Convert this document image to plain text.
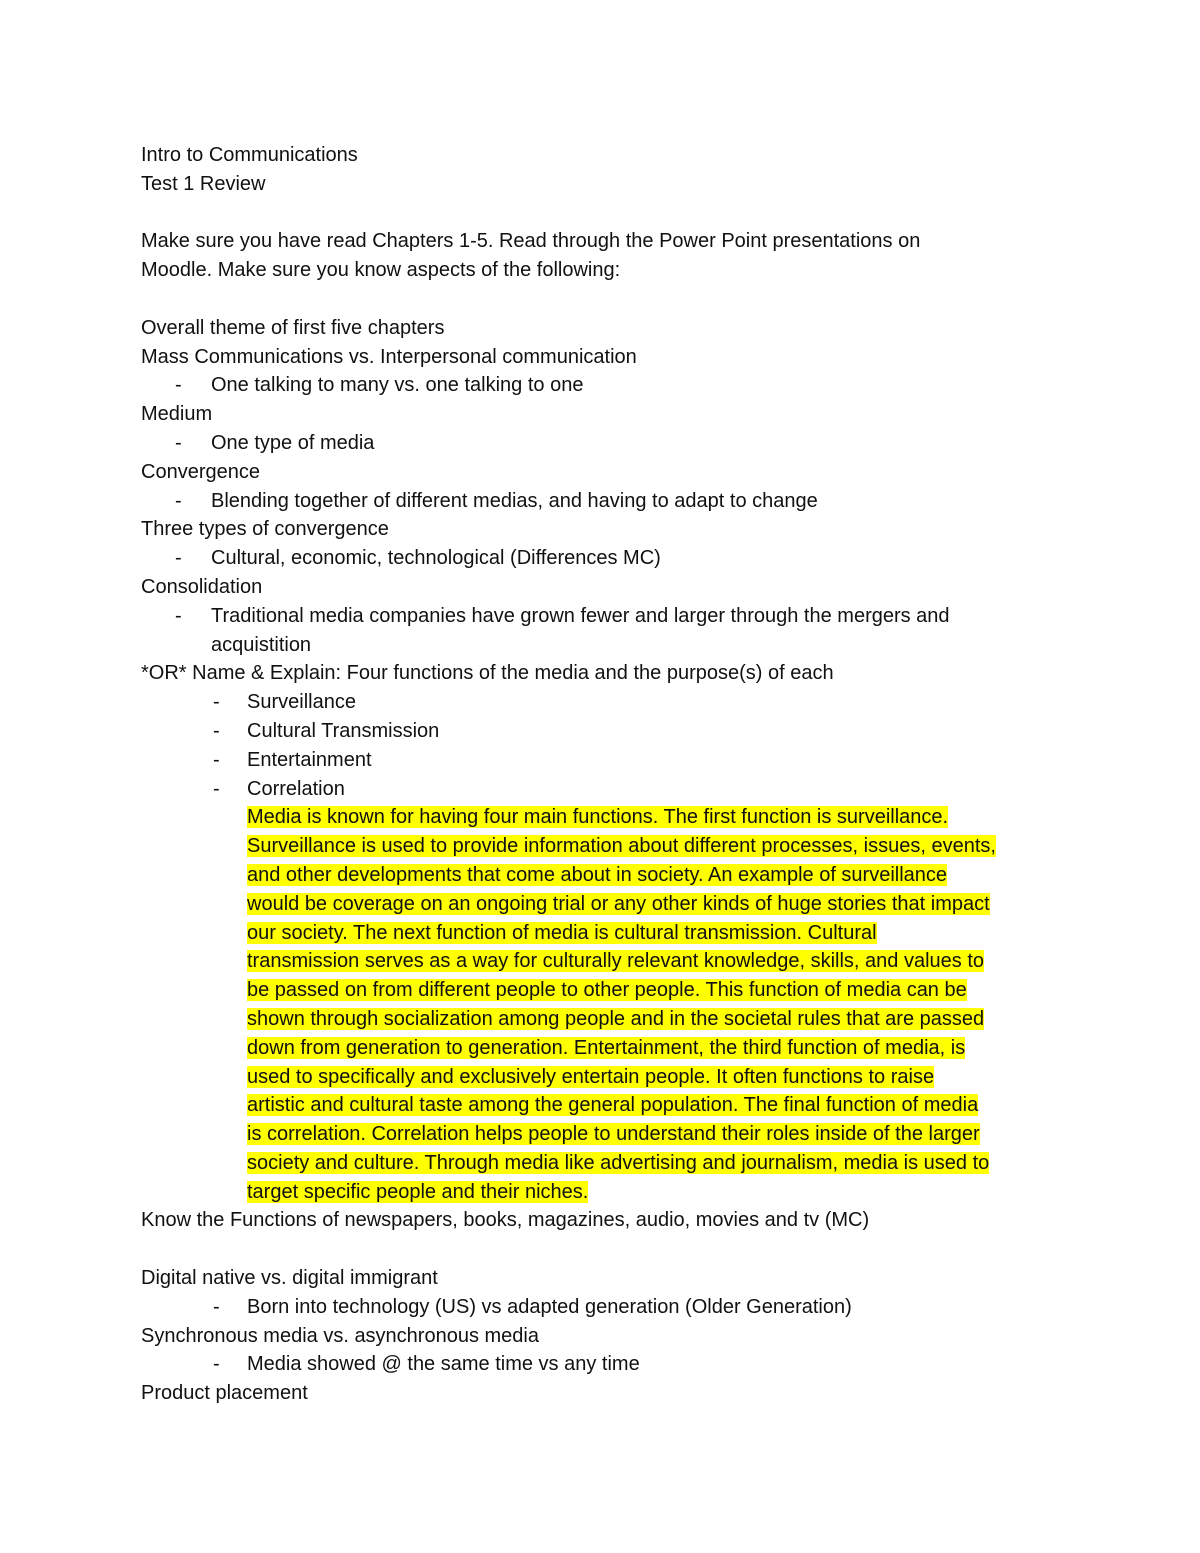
Intro to Communications
Test 1 Review
Make sure you have read Chapters 1-5. Read through the Power Point presentations on
Moodle. Make sure you know aspects of the following:
Overall theme of first five chapters
Mass Communications vs. Interpersonal communication
- One talking to many vs. one talking to one
Medium
- One type of media
Convergence
- Blending together of different medias, and having to adapt to change
Three types of convergence
- Cultural, economic, technological (Differences MC)
Consolidation
- Traditional media companies have grown fewer and larger through the mergers and
acquistition
*OR* Name & Explain: Four functions of the media and the purpose(s) of each
- Surveillance
- Cultural Transmission
- Entertainment
- Correlation
Media is known for having four main functions. The first function is surveillance.
Surveillance is used to provide information about different processes, issues, events,
and other developments that come about in society. An example of surveillance
would be coverage on an ongoing trial or any other kinds of huge stories that impact
our society. The next function of media is cultural transmission. Cultural
transmission serves as a way for culturally relevant knowledge, skills, and values to
be passed on from different people to other people. This function of media can be
shown through socialization among people and in the societal rules that are passed
down from generation to generation. Entertainment, the third function of media, is
used to specifically and exclusively entertain people. It often functions to raise
artistic and cultural taste among the general population. The final function of media
is correlation. Correlation helps people to understand their roles inside of the larger
society and culture. Through media like advertising and journalism, media is used to
target specific people and their niches.
Know the Functions of newspapers, books, magazines, audio, movies and tv (MC)
Digital native vs. digital immigrant
- Born into technology (US) vs adapted generation (Older Generation)
Synchronous media vs. asynchronous media
- Media showed @ the same time vs any time
Product placement
